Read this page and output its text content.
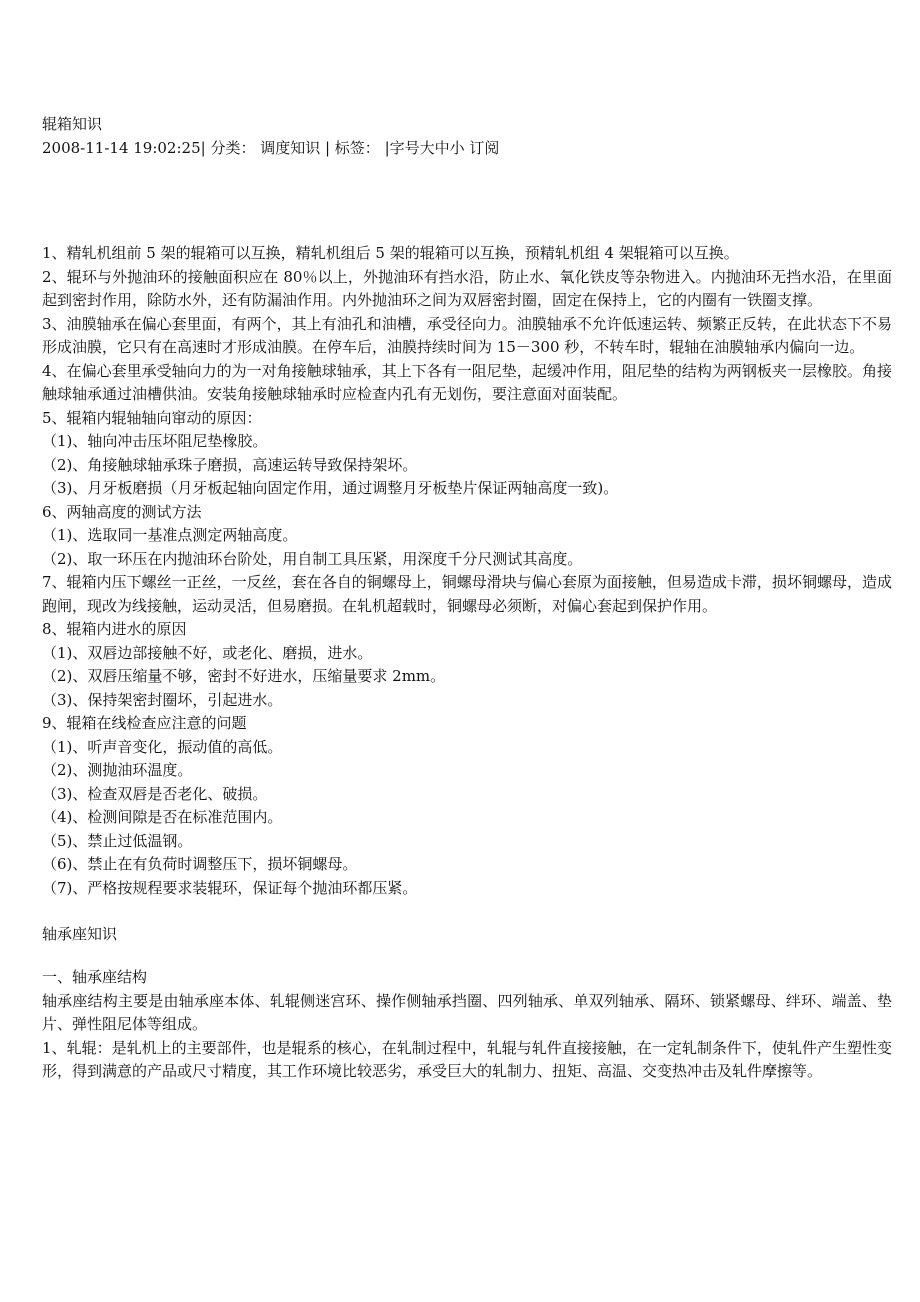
辊箱知识
2008-11-14 19:02:25| 分类： 调度知识 | 标签： |字号大中小 订阅
1、精轧机组前 5 架的辊箱可以互换，精轧机组后 5 架的辊箱可以互换，预精轧机组 4 架辊箱可以互换。
2、辊环与外抛油环的接触面积应在 80％以上，外抛油环有挡水沿，防止水、氧化铁皮等杂物进入。内抛油环无挡水沿，在里面起到密封作用，除防水外，还有防漏油作用。内外抛油环之间为双唇密封圈，固定在保持上，它的内圈有一铁圈支撑。
3、油膜轴承在偏心套里面，有两个，其上有油孔和油槽，承受径向力。油膜轴承不允许低速运转、频繁正反转，在此状态下不易形成油膜，它只有在高速时才形成油膜。在停车后，油膜持续时间为 15－300 秒，不转车时，辊轴在油膜轴承内偏向一边。
4、在偏心套里承受轴向力的为一对角接触球轴承，其上下各有一阻尼垫，起缓冲作用，阻尼垫的结构为两钢板夹一层橡胶。角接触球轴承通过油槽供油。安装角接触球轴承时应检查内孔有无划伤，要注意面对面装配。
5、辊箱内辊轴轴向窜动的原因：
（1)、轴向冲击压坏阻尼垫橡胶。
（2)、角接触球轴承珠子磨损，高速运转导致保持架坏。
（3)、月牙板磨损（月牙板起轴向固定作用，通过调整月牙板垫片保证两轴高度一致)。
6、两轴高度的测试方法
（1)、选取同一基准点测定两轴高度。
（2)、取一环压在内抛油环台阶处，用自制工具压紧，用深度千分尺测试其高度。
7、辊箱内压下螺丝一正丝，一反丝，套在各自的铜螺母上，铜螺母滑块与偏心套原为面接触，但易造成卡滞，损坏铜螺母，造成跑闸，现改为线接触，运动灵活，但易磨损。在轧机超载时，铜螺母必须断，对偏心套起到保护作用。
8、辊箱内进水的原因
（1)、双唇边部接触不好，或老化、磨损，进水。
（2)、双唇压缩量不够，密封不好进水，压缩量要求 2mm。
（3)、保持架密封圈坏，引起进水。
9、辊箱在线检查应注意的问题
（1)、听声音变化，振动值的高低。
（2)、测抛油环温度。
（3)、检查双唇是否老化、破损。
（4)、检测间隙是否在标准范围内。
（5)、禁止过低温钢。
（6)、禁止在有负荷时调整压下，损坏铜螺母。
（7)、严格按规程要求装辊环，保证每个抛油环都压紧。
轴承座知识
一、轴承座结构
轴承座结构主要是由轴承座本体、轧辊侧迷宫环、操作侧轴承挡圈、四列轴承、单双列轴承、隔环、锁紧螺母、绊环、端盖、垫片、弹性阻尼体等组成。
1、轧辊：是轧机上的主要部件，也是辊系的核心，在轧制过程中，轧辊与轧件直接接触，在一定轧制条件下，使轧件产生塑性变形，得到满意的产品或尺寸精度，其工作环境比较恶劣，承受巨大的轧制力、扭矩、高温、交变热冲击及轧件摩擦等。
